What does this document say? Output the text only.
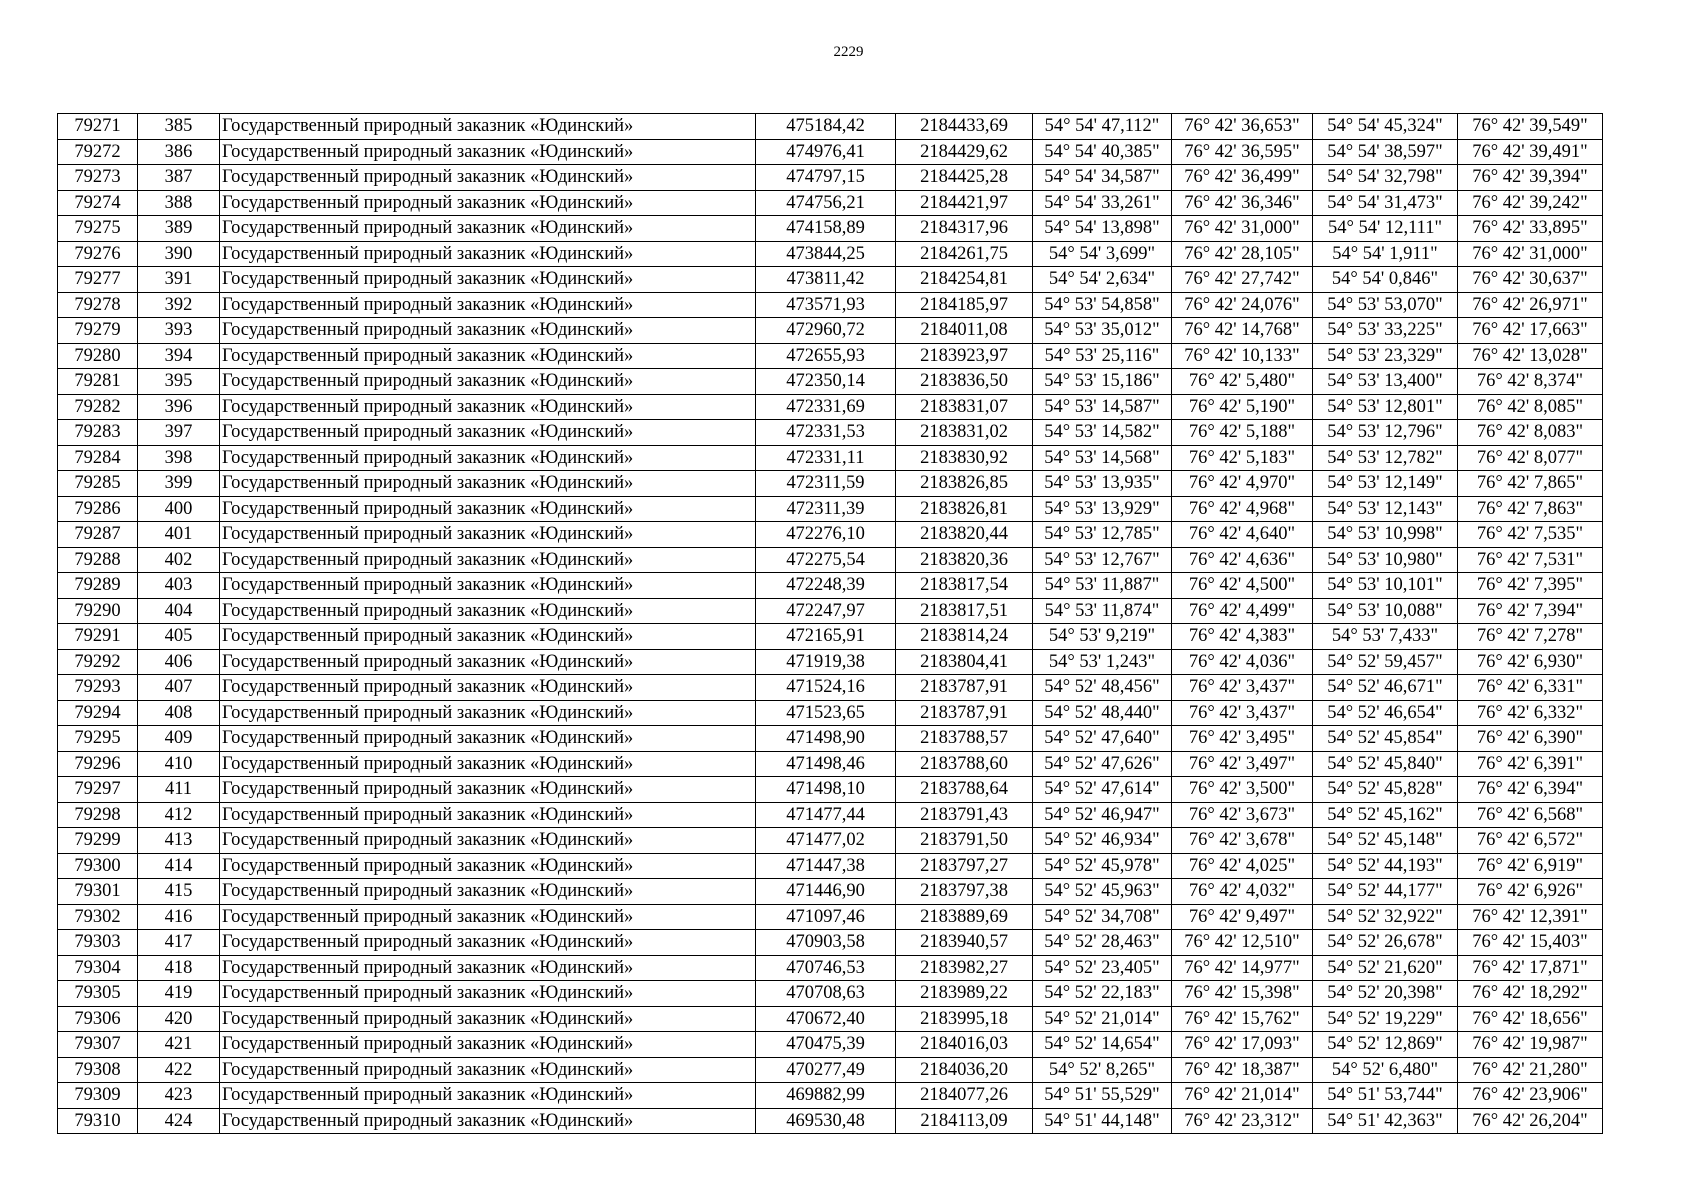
2229
79271	385	Государственный природный заказник «Юдинский»	475184,42	2184433,69	54° 54' 47,112"	76° 42' 36,653"	54° 54' 45,324"	76° 42' 39,549"
79272	386	Государственный природный заказник «Юдинский»	474976,41	2184429,62	54° 54' 40,385"	76° 42' 36,595"	54° 54' 38,597"	76° 42' 39,491"
79273	387	Государственный природный заказник «Юдинский»	474797,15	2184425,28	54° 54' 34,587"	76° 42' 36,499"	54° 54' 32,798"	76° 42' 39,394"
79274	388	Государственный природный заказник «Юдинский»	474756,21	2184421,97	54° 54' 33,261"	76° 42' 36,346"	54° 54' 31,473"	76° 42' 39,242"
79275	389	Государственный природный заказник «Юдинский»	474158,89	2184317,96	54° 54' 13,898"	76° 42' 31,000"	54° 54' 12,111"	76° 42' 33,895"
79276	390	Государственный природный заказник «Юдинский»	473844,25	2184261,75	54° 54' 3,699"	76° 42' 28,105"	54° 54' 1,911"	76° 42' 31,000"
79277	391	Государственный природный заказник «Юдинский»	473811,42	2184254,81	54° 54' 2,634"	76° 42' 27,742"	54° 54' 0,846"	76° 42' 30,637"
79278	392	Государственный природный заказник «Юдинский»	473571,93	2184185,97	54° 53' 54,858"	76° 42' 24,076"	54° 53' 53,070"	76° 42' 26,971"
79279	393	Государственный природный заказник «Юдинский»	472960,72	2184011,08	54° 53' 35,012"	76° 42' 14,768"	54° 53' 33,225"	76° 42' 17,663"
79280	394	Государственный природный заказник «Юдинский»	472655,93	2183923,97	54° 53' 25,116"	76° 42' 10,133"	54° 53' 23,329"	76° 42' 13,028"
79281	395	Государственный природный заказник «Юдинский»	472350,14	2183836,50	54° 53' 15,186"	76° 42' 5,480"	54° 53' 13,400"	76° 42' 8,374"
79282	396	Государственный природный заказник «Юдинский»	472331,69	2183831,07	54° 53' 14,587"	76° 42' 5,190"	54° 53' 12,801"	76° 42' 8,085"
79283	397	Государственный природный заказник «Юдинский»	472331,53	2183831,02	54° 53' 14,582"	76° 42' 5,188"	54° 53' 12,796"	76° 42' 8,083"
79284	398	Государственный природный заказник «Юдинский»	472331,11	2183830,92	54° 53' 14,568"	76° 42' 5,183"	54° 53' 12,782"	76° 42' 8,077"
79285	399	Государственный природный заказник «Юдинский»	472311,59	2183826,85	54° 53' 13,935"	76° 42' 4,970"	54° 53' 12,149"	76° 42' 7,865"
79286	400	Государственный природный заказник «Юдинский»	472311,39	2183826,81	54° 53' 13,929"	76° 42' 4,968"	54° 53' 12,143"	76° 42' 7,863"
79287	401	Государственный природный заказник «Юдинский»	472276,10	2183820,44	54° 53' 12,785"	76° 42' 4,640"	54° 53' 10,998"	76° 42' 7,535"
79288	402	Государственный природный заказник «Юдинский»	472275,54	2183820,36	54° 53' 12,767"	76° 42' 4,636"	54° 53' 10,980"	76° 42' 7,531"
79289	403	Государственный природный заказник «Юдинский»	472248,39	2183817,54	54° 53' 11,887"	76° 42' 4,500"	54° 53' 10,101"	76° 42' 7,395"
79290	404	Государственный природный заказник «Юдинский»	472247,97	2183817,51	54° 53' 11,874"	76° 42' 4,499"	54° 53' 10,088"	76° 42' 7,394"
79291	405	Государственный природный заказник «Юдинский»	472165,91	2183814,24	54° 53' 9,219"	76° 42' 4,383"	54° 53' 7,433"	76° 42' 7,278"
79292	406	Государственный природный заказник «Юдинский»	471919,38	2183804,41	54° 53' 1,243"	76° 42' 4,036"	54° 52' 59,457"	76° 42' 6,930"
79293	407	Государственный природный заказник «Юдинский»	471524,16	2183787,91	54° 52' 48,456"	76° 42' 3,437"	54° 52' 46,671"	76° 42' 6,331"
79294	408	Государственный природный заказник «Юдинский»	471523,65	2183787,91	54° 52' 48,440"	76° 42' 3,437"	54° 52' 46,654"	76° 42' 6,332"
79295	409	Государственный природный заказник «Юдинский»	471498,90	2183788,57	54° 52' 47,640"	76° 42' 3,495"	54° 52' 45,854"	76° 42' 6,390"
79296	410	Государственный природный заказник «Юдинский»	471498,46	2183788,60	54° 52' 47,626"	76° 42' 3,497"	54° 52' 45,840"	76° 42' 6,391"
79297	411	Государственный природный заказник «Юдинский»	471498,10	2183788,64	54° 52' 47,614"	76° 42' 3,500"	54° 52' 45,828"	76° 42' 6,394"
79298	412	Государственный природный заказник «Юдинский»	471477,44	2183791,43	54° 52' 46,947"	76° 42' 3,673"	54° 52' 45,162"	76° 42' 6,568"
79299	413	Государственный природный заказник «Юдинский»	471477,02	2183791,50	54° 52' 46,934"	76° 42' 3,678"	54° 52' 45,148"	76° 42' 6,572"
79300	414	Государственный природный заказник «Юдинский»	471447,38	2183797,27	54° 52' 45,978"	76° 42' 4,025"	54° 52' 44,193"	76° 42' 6,919"
79301	415	Государственный природный заказник «Юдинский»	471446,90	2183797,38	54° 52' 45,963"	76° 42' 4,032"	54° 52' 44,177"	76° 42' 6,926"
79302	416	Государственный природный заказник «Юдинский»	471097,46	2183889,69	54° 52' 34,708"	76° 42' 9,497"	54° 52' 32,922"	76° 42' 12,391"
79303	417	Государственный природный заказник «Юдинский»	470903,58	2183940,57	54° 52' 28,463"	76° 42' 12,510"	54° 52' 26,678"	76° 42' 15,403"
79304	418	Государственный природный заказник «Юдинский»	470746,53	2183982,27	54° 52' 23,405"	76° 42' 14,977"	54° 52' 21,620"	76° 42' 17,871"
79305	419	Государственный природный заказник «Юдинский»	470708,63	2183989,22	54° 52' 22,183"	76° 42' 15,398"	54° 52' 20,398"	76° 42' 18,292"
79306	420	Государственный природный заказник «Юдинский»	470672,40	2183995,18	54° 52' 21,014"	76° 42' 15,762"	54° 52' 19,229"	76° 42' 18,656"
79307	421	Государственный природный заказник «Юдинский»	470475,39	2184016,03	54° 52' 14,654"	76° 42' 17,093"	54° 52' 12,869"	76° 42' 19,987"
79308	422	Государственный природный заказник «Юдинский»	470277,49	2184036,20	54° 52' 8,265"	76° 42' 18,387"	54° 52' 6,480"	76° 42' 21,280"
79309	423	Государственный природный заказник «Юдинский»	469882,99	2184077,26	54° 51' 55,529"	76° 42' 21,014"	54° 51' 53,744"	76° 42' 23,906"
79310	424	Государственный природный заказник «Юдинский»	469530,48	2184113,09	54° 51' 44,148"	76° 42' 23,312"	54° 51' 42,363"	76° 42' 26,204"
